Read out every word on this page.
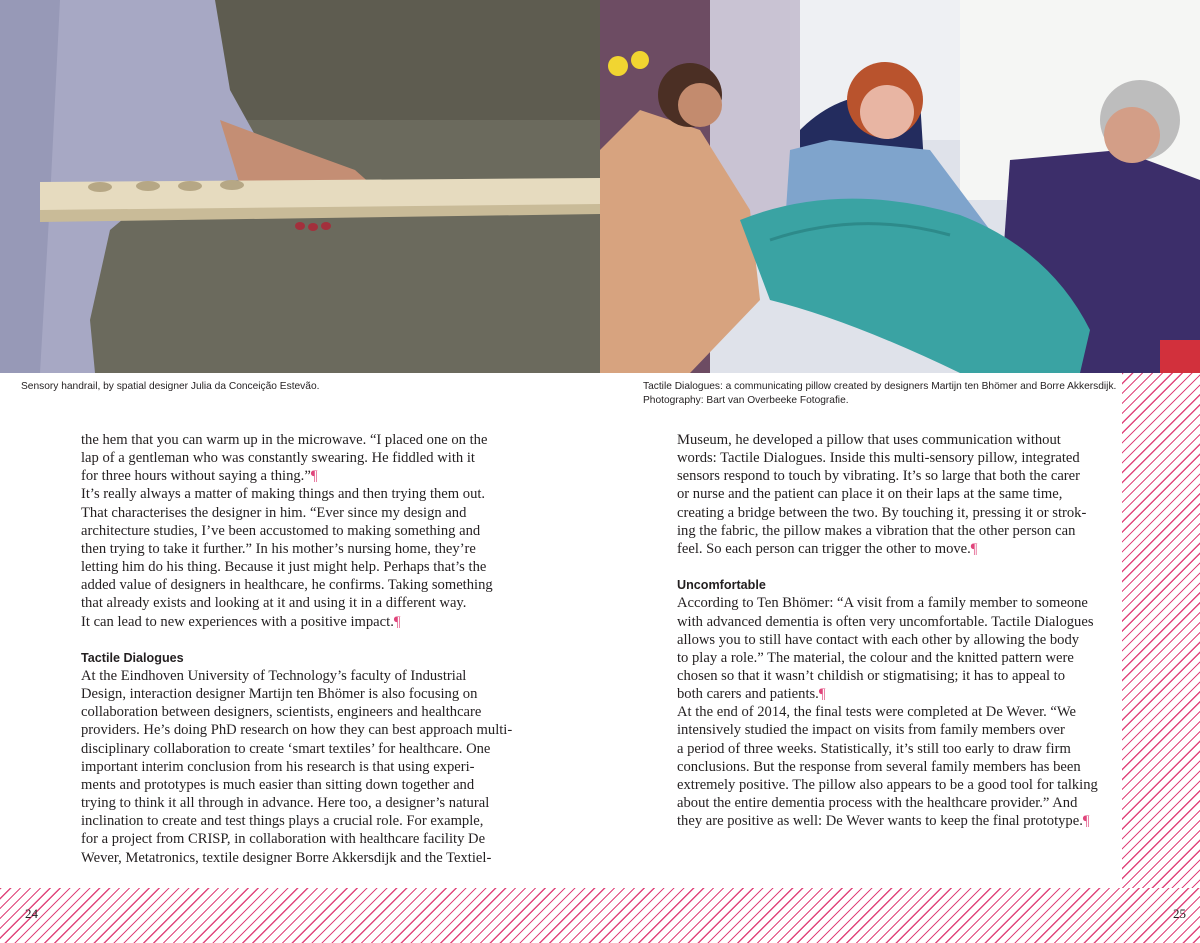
Sensory handrail, by spatial designer Julia da Conceição Estevão.	Tactile Dialogues: a communicating pillow created by designers Martijn ten Bhömer and Borre Akkersdijk.
Photography: Bart van Overbeeke Fotografie.
the hem that you can warm up in the microwave. “I placed one on the
lap of a gentleman who was constantly swearing. He fiddled with it
for three hours without saying a thing.”¶
It’s really always a matter of making things and then trying them out.
That characterises the designer in him. “Ever since my design and
architecture studies, I’ve been accustomed to making something and
then trying to take it further.” In his mother’s nursing home, they’re
letting him do his thing. Because it just might help. Perhaps that’s the
added value of designers in healthcare, he confirms. Taking something
that already exists and looking at it and using it in a different way.
It can lead to new experiences with a positive impact.¶
Tactile Dialogues
At the Eindhoven University of Technology’s faculty of Industrial
Design, interaction designer Martijn ten Bhömer is also focusing on
collaboration between designers, scientists, engineers and healthcare
providers. He’s doing PhD research on how they can best approach multi-
disciplinary collaboration to create ‘smart textiles’ for healthcare. One
important interim conclusion from his research is that using experi-
ments and prototypes is much easier than sitting down together and
trying to think it all through in advance. Here too, a designer’s natural
inclination to create and test things plays a crucial role. For example,
for a project from CRISP, in collaboration with healthcare facility De
Wever, Metatronics, textile designer Borre Akkersdijk and the Textiel-
Museum, he developed a pillow that uses communication without
words: Tactile Dialogues. Inside this multi-sensory pillow, integrated
sensors respond to touch by vibrating. It’s so large that both the carer
or nurse and the patient can place it on their laps at the same time,
creating a bridge between the two. By touching it, pressing it or strok-
ing the fabric, the pillow makes a vibration that the other person can
feel. So each person can trigger the other to move.¶
Uncomfortable
According to Ten Bhömer: “A visit from a family member to someone
with advanced dementia is often very uncomfortable. Tactile Dialogues
allows you to still have contact with each other by allowing the body
to play a role.” The material, the colour and the knitted pattern were
chosen so that it wasn’t childish or stigmatising; it has to appeal to
both carers and patients.¶
At the end of 2014, the final tests were completed at De Wever. “We
intensively studied the impact on visits from family members over
a period of three weeks. Statistically, it’s still too early to draw firm
conclusions. But the response from several family members has been
extremely positive. The pillow also appears to be a good tool for talking
about the entire dementia process with the healthcare provider.” And
they are positive as well: De Wever wants to keep the final prototype.¶
24	25
